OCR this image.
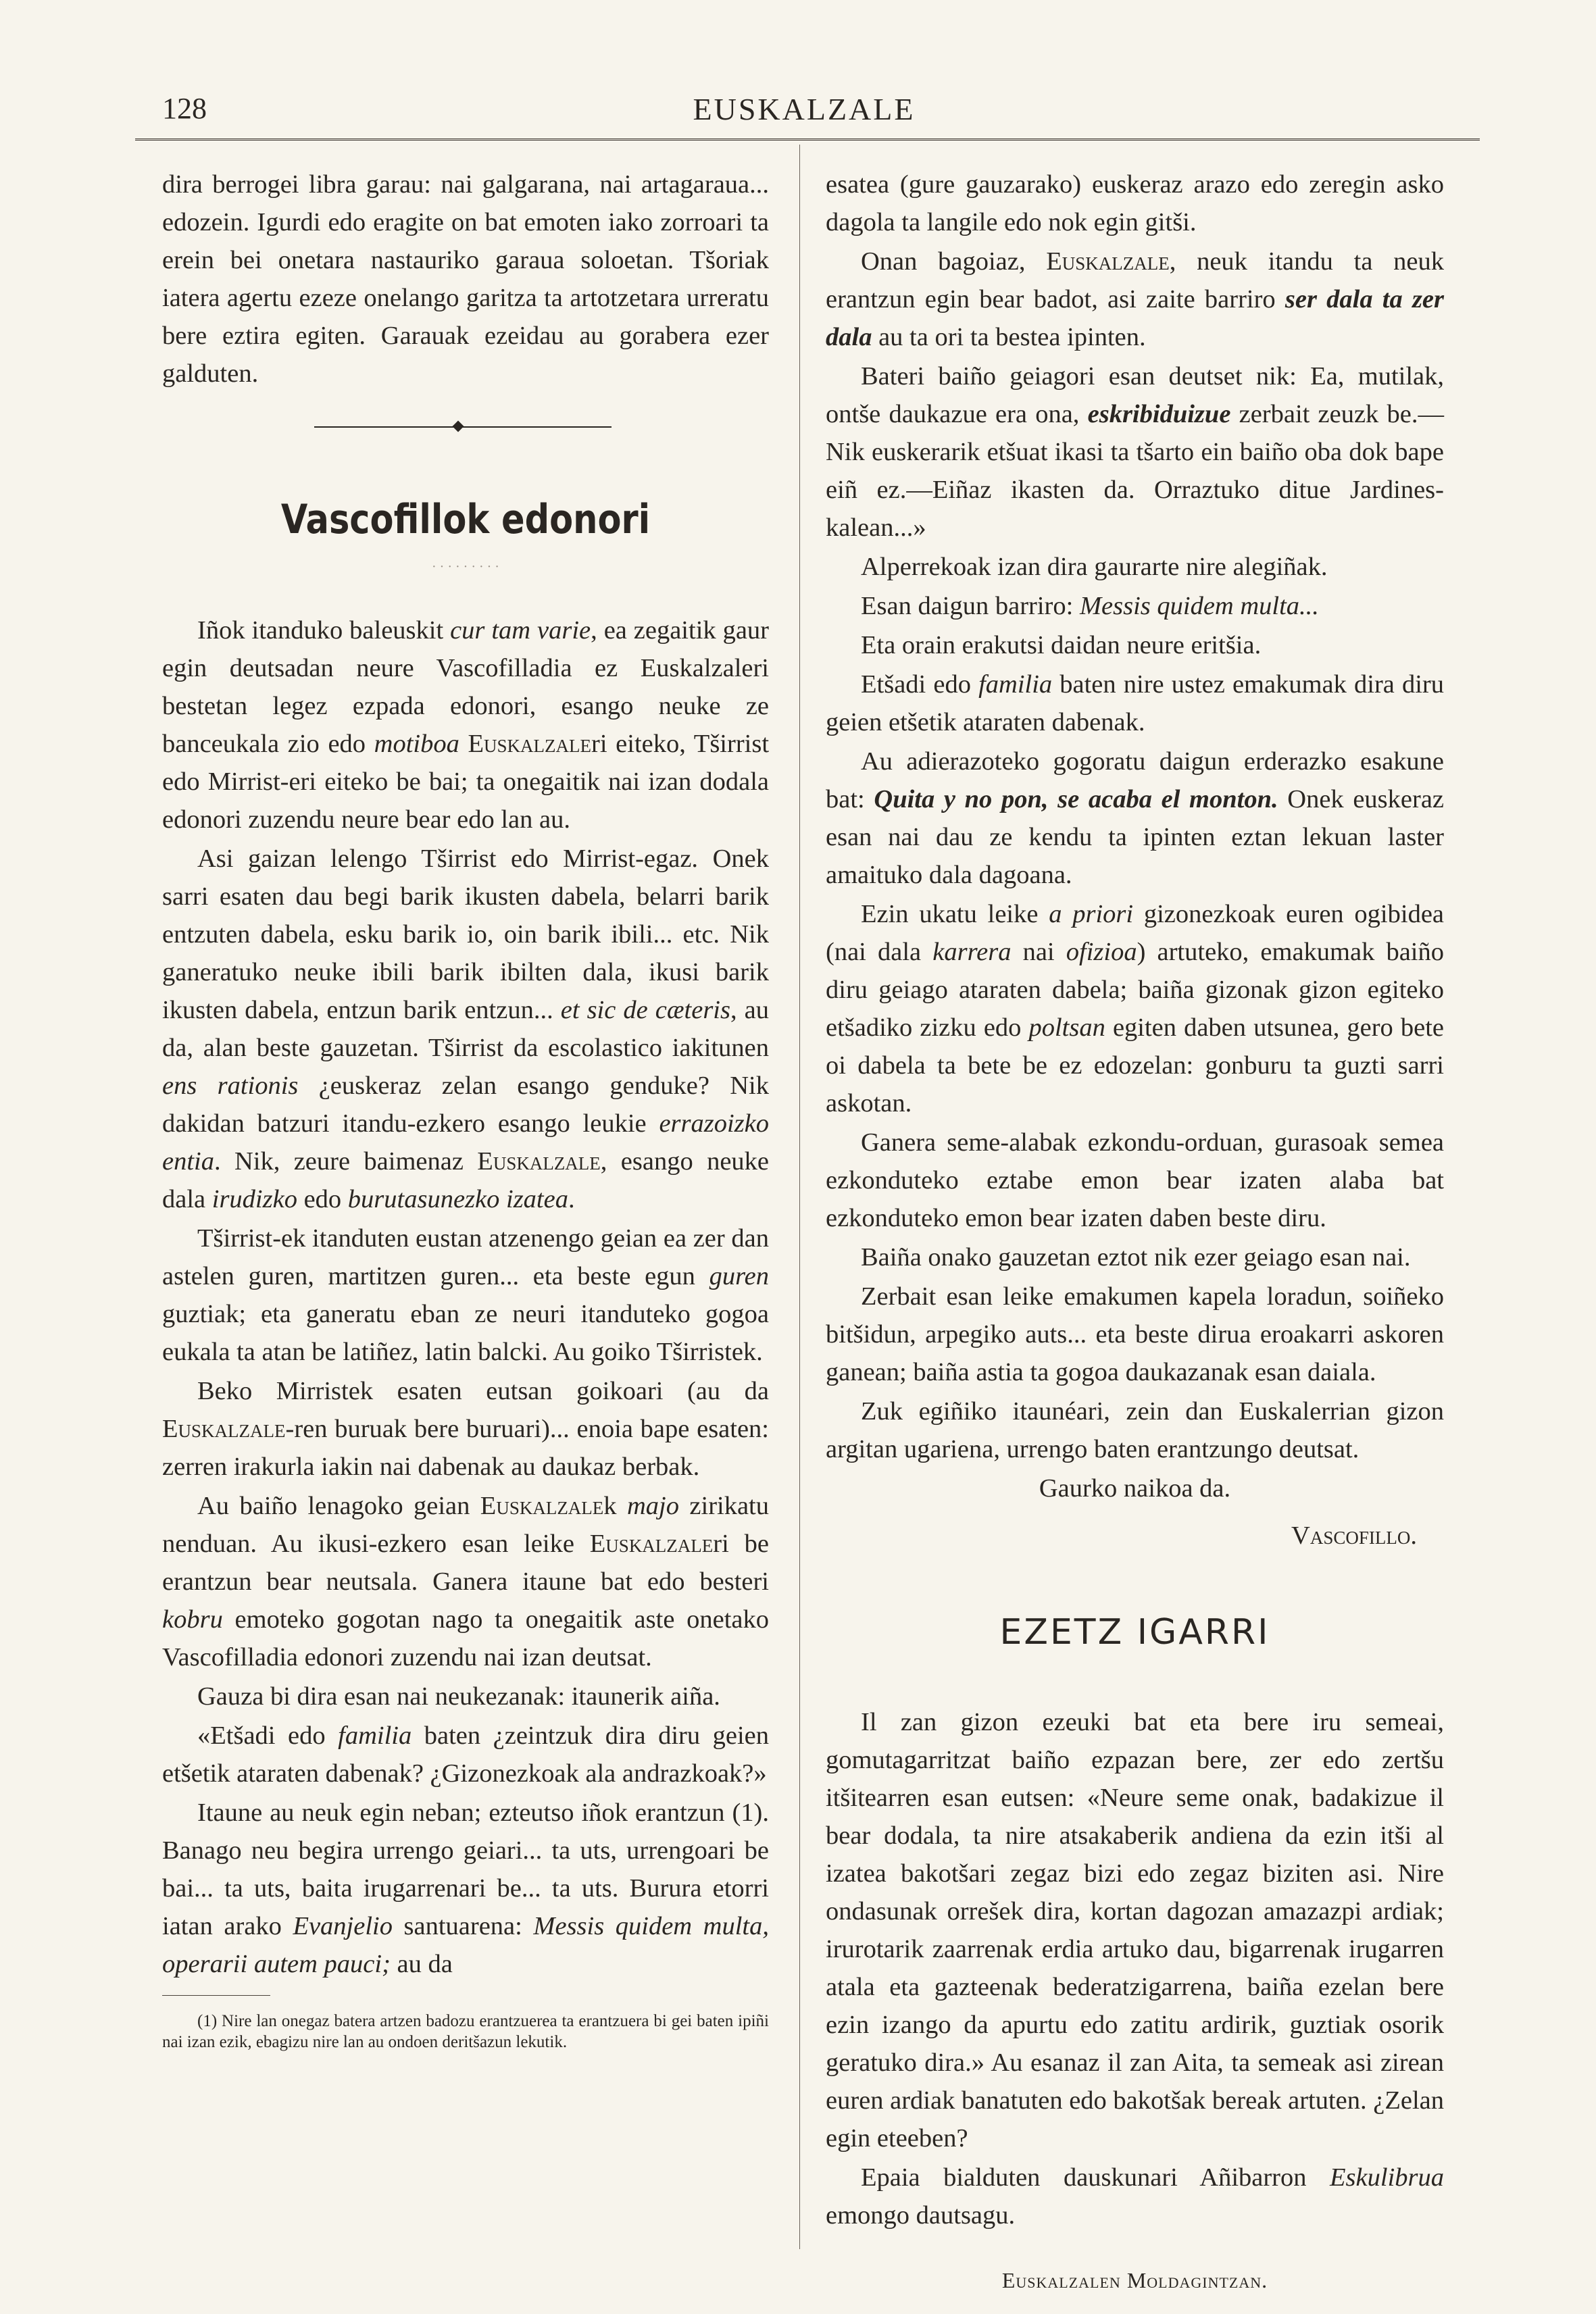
128	EUSKALZALE

dira berrogei libra garau: nai galgarana, nai artagaraua... edozein. Igurdi edo eragite on bat emoten iako zorroari ta erein bei onetara nastauriko garaua soloetan. Tšoriak iatera agertu ezeze onelango garitza ta artotzetara urreratu bere eztira egiten. Garauak ezeidau au gorabera ezer galduten.

Vascofillok edonori
· · · · · · · · ·

Iñok itanduko baleuskit cur tam varie, ea zegaitik gaur egin deutsadan neure Vascofilladia ez Euskalzaleri bestetan legez ezpada edonori, esango neuke ze banceukala zio edo motiboa Euskalzaleri eiteko, Tširrist edo Mirrist-eri eiteko be bai; ta onegaitik nai izan dodala edonori zuzendu neure bear edo lan au.

Asi gaizan lelengo Tširrist edo Mirrist-egaz. Onek sarri esaten dau begi barik ikusten dabela, belarri barik entzuten dabela, esku barik io, oin barik ibili... etc. Nik ganeratuko neuke ibili barik ibilten dala, ikusi barik ikusten dabela, entzun barik entzun... et sic de cæteris, au da, alan beste gauzetan. Tširrist da escolastico iakitunen ens rationis ¿euskeraz zelan esango genduke? Nik dakidan batzuri itandu-ezkero esango leukie errazoizko entia. Nik, zeure baimenaz Euskalzale, esango neuke dala irudizko edo burutasunezko izatea.

Tširrist-ek itanduten eustan atzenengo geian ea zer dan astelen guren, martitzen guren... eta beste egun guren guztiak; eta ganeratu eban ze neuri itanduteko gogoa eukala ta atan be latiñez, latin balcki. Au goiko Tširristek.

Beko Mirristek esaten eutsan goikoari (au da Euskalzale-ren buruak bere buruari)... enoia bape esaten: zerren irakurla iakin nai dabenak au daukaz berbak.

Au baiño lenagoko geian Euskalzalek majo zirikatu nenduan. Au ikusi-ezkero esan leike Euskalzaleri be erantzun bear neutsala. Ganera itaune bat edo besteri kobru emoteko gogotan nago ta onegaitik aste onetako Vascofilladia edonori zuzendu nai izan deutsat.

Gauza bi dira esan nai neukezanak: itaunerik aiña.

«Etšadi edo familia baten ¿zeintzuk dira diru geien etšetik ataraten dabenak? ¿Gizonezkoak ala andrazkoak?»

Itaune au neuk egin neban; ezteutso iñok erantzun (1). Banago neu begira urrengo geiari... ta uts, urrengoari be bai... ta uts, baita irugarrenari be... ta uts. Burura etorri iatan arako Evanjelio santuarena: Messis quidem multa, operarii autem pauci; au da

(1) Nire lan onegaz batera artzen badozu erantzuerea ta erantzuera bi gei baten ipiñi nai izan ezik, ebagizu nire lan au ondoen deritšazun lekutik.

esatea (gure gauzarako) euskeraz arazo edo zeregin asko dagola ta langile edo nok egin gitši.

Onan bagoiaz, Euskalzale, neuk itandu ta neuk erantzun egin bear badot, asi zaite barriro ser dala ta zer dala au ta ori ta bestea ipinten.

Bateri baiño geiagori esan deutset nik: Ea, mutilak, ontše daukazue era ona, eskribiduizue zerbait zeuzk be.—Nik euskerarik etšuat ikasi ta tšarto ein baiño oba dok bape eiñ ez.—Eiñaz ikasten da. Orraztuko ditue Jardines-kalean...»

Alperrekoak izan dira gaurarte nire alegiñak.

Esan daigun barriro: Messis quidem multa...

Eta orain erakutsi daidan neure eritšia.

Etšadi edo familia baten nire ustez emakumak dira diru geien etšetik ataraten dabenak.

Au adierazoteko gogoratu daigun erderazko esakune bat: Quita y no pon, se acaba el monton. Onek euskeraz esan nai dau ze kendu ta ipinten eztan lekuan laster amaituko dala dagoana.

Ezin ukatu leike a priori gizonezkoak euren ogibidea (nai dala karrera nai ofizioa) artuteko, emakumak baiño diru geiago ataraten dabela; baiña gizonak gizon egiteko etšadiko zizku edo poltsan egiten daben utsunea, gero bete oi dabela ta bete be ez edozelan: gonburu ta guzti sarri askotan.

Ganera seme-alabak ezkondu-orduan, gurasoak semea ezkonduteko eztabe emon bear izaten alaba bat ezkonduteko emon bear izaten daben beste diru.

Baiña onako gauzetan eztot nik ezer geiago esan nai.

Zerbait esan leike emakumen kapela loradun, soiñeko bitšidun, arpegiko auts... eta beste dirua eroakarri askoren ganean; baiña astia ta gogoa daukazanak esan daiala.

Zuk egiñiko itaunéari, zein dan Euskalerrian gizon argitan ugariena, urrengo baten erantzungo deutsat.

Gaurko naikoa da.

Vascofillo.

EZETZ IGARRI

Il zan gizon ezeuki bat eta bere iru semeai, gomutagarritzat baiño ezpazan bere, zer edo zertšu itšitearren esan eutsen: «Neure seme onak, badakizue il bear dodala, ta nire atsakaberik andiena da ezin itši al izatea bakotšari zegaz bizi edo zegaz biziten asi. Nire ondasunak orrešek dira, kortan dagozan amazazpi ardiak; irurotarik zaarrenak erdia artuko dau, bigarrenak irugarren atala eta gazteenak bederatzigarrena, baiña ezelan bere ezin izango da apurtu edo zatitu ardirik, guztiak osorik geratuko dira.» Au esanaz il zan Aita, ta semeak asi zirean euren ardiak banatuten edo bakotšak bereak artuten. ¿Zelan egin eteeben?

Epaia bialduten dauskunari Añibarron Eskulibrua emongo dautsagu.

Euskalzalen Moldagintzan.
